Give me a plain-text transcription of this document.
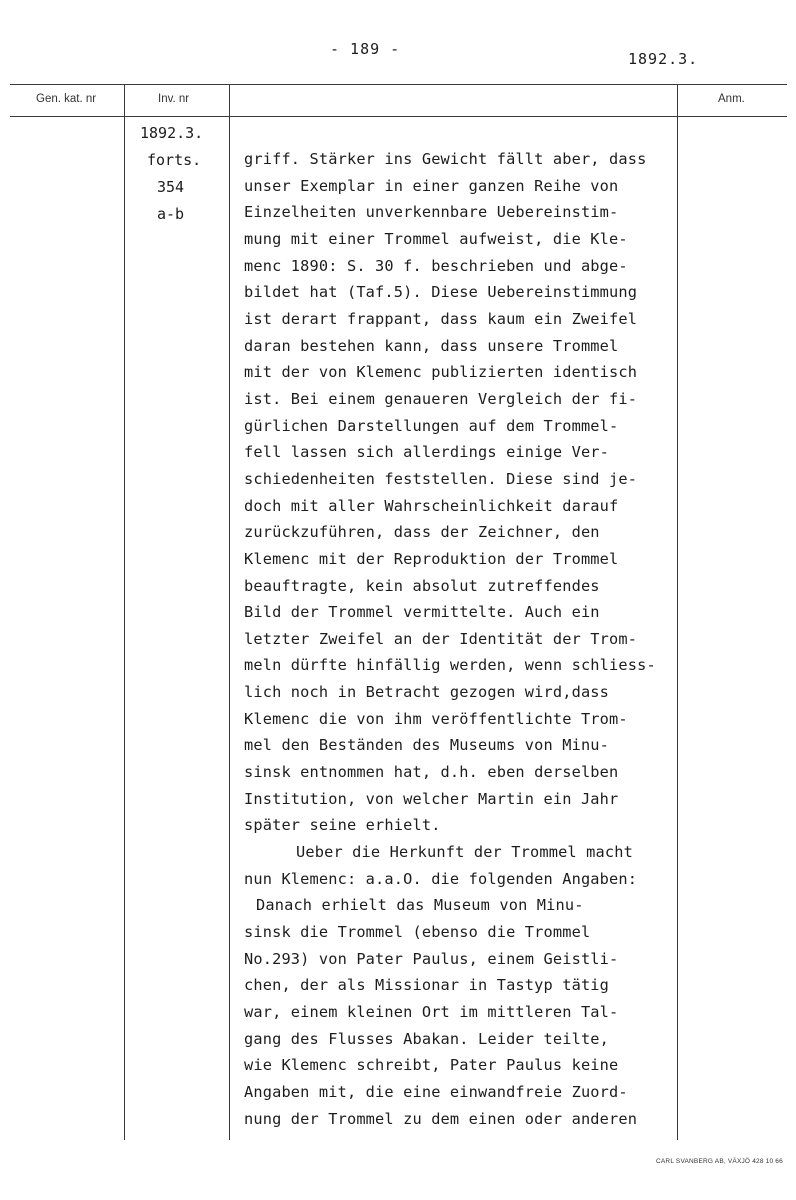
- 189 -
1892.3.
Gen. kat. nr	Inv. nr	Anm.
1892.3.
forts.
354
a-b
griff. Stärker ins Gewicht fällt aber, dass
unser Exemplar in einer ganzen Reihe von
Einzelheiten unverkennbare Uebereinstim-
mung mit einer Trommel aufweist, die Kle-
menc 1890: S. 30 f. beschrieben und abge-
bildet hat (Taf.5). Diese Uebereinstimmung
ist derart frappant, dass kaum ein Zweifel
daran bestehen kann, dass unsere Trommel
mit der von Klemenc publizierten identisch
ist. Bei einem genaueren Vergleich der fi-
gürlichen Darstellungen auf dem Trommel-
fell lassen sich allerdings einige Ver-
schiedenheiten feststellen. Diese sind je-
doch mit aller Wahrscheinlichkeit darauf
zurückzuführen, dass der Zeichner, den
Klemenc mit der Reproduktion der Trommel
beauftragte, kein absolut zutreffendes
Bild der Trommel vermittelte. Auch ein
letzter Zweifel an der Identität der Trom-
meln dürfte hinfällig werden, wenn schliess-
lich noch in Betracht gezogen wird,dass
Klemenc die von ihm veröffentlichte Trom-
mel den Beständen des Museums von Minu-
sinsk entnommen hat, d.h. eben derselben
Institution, von welcher Martin ein Jahr
später seine erhielt.
Ueber die Herkunft der Trommel macht
nun Klemenc: a.a.O. die folgenden Angaben:
Danach erhielt das Museum von Minu-
sinsk die Trommel (ebenso die Trommel
No.293) von Pater Paulus, einem Geistli-
chen, der als Missionar in Tastyp tätig
war, einem kleinen Ort im mittleren Tal-
gang des Flusses Abakan. Leider teilte,
wie Klemenc schreibt, Pater Paulus keine
Angaben mit, die eine einwandfreie Zuord-
nung der Trommel zu dem einen oder anderen
CARL SVANBERG AB, VÄXJÖ 428 10 66
